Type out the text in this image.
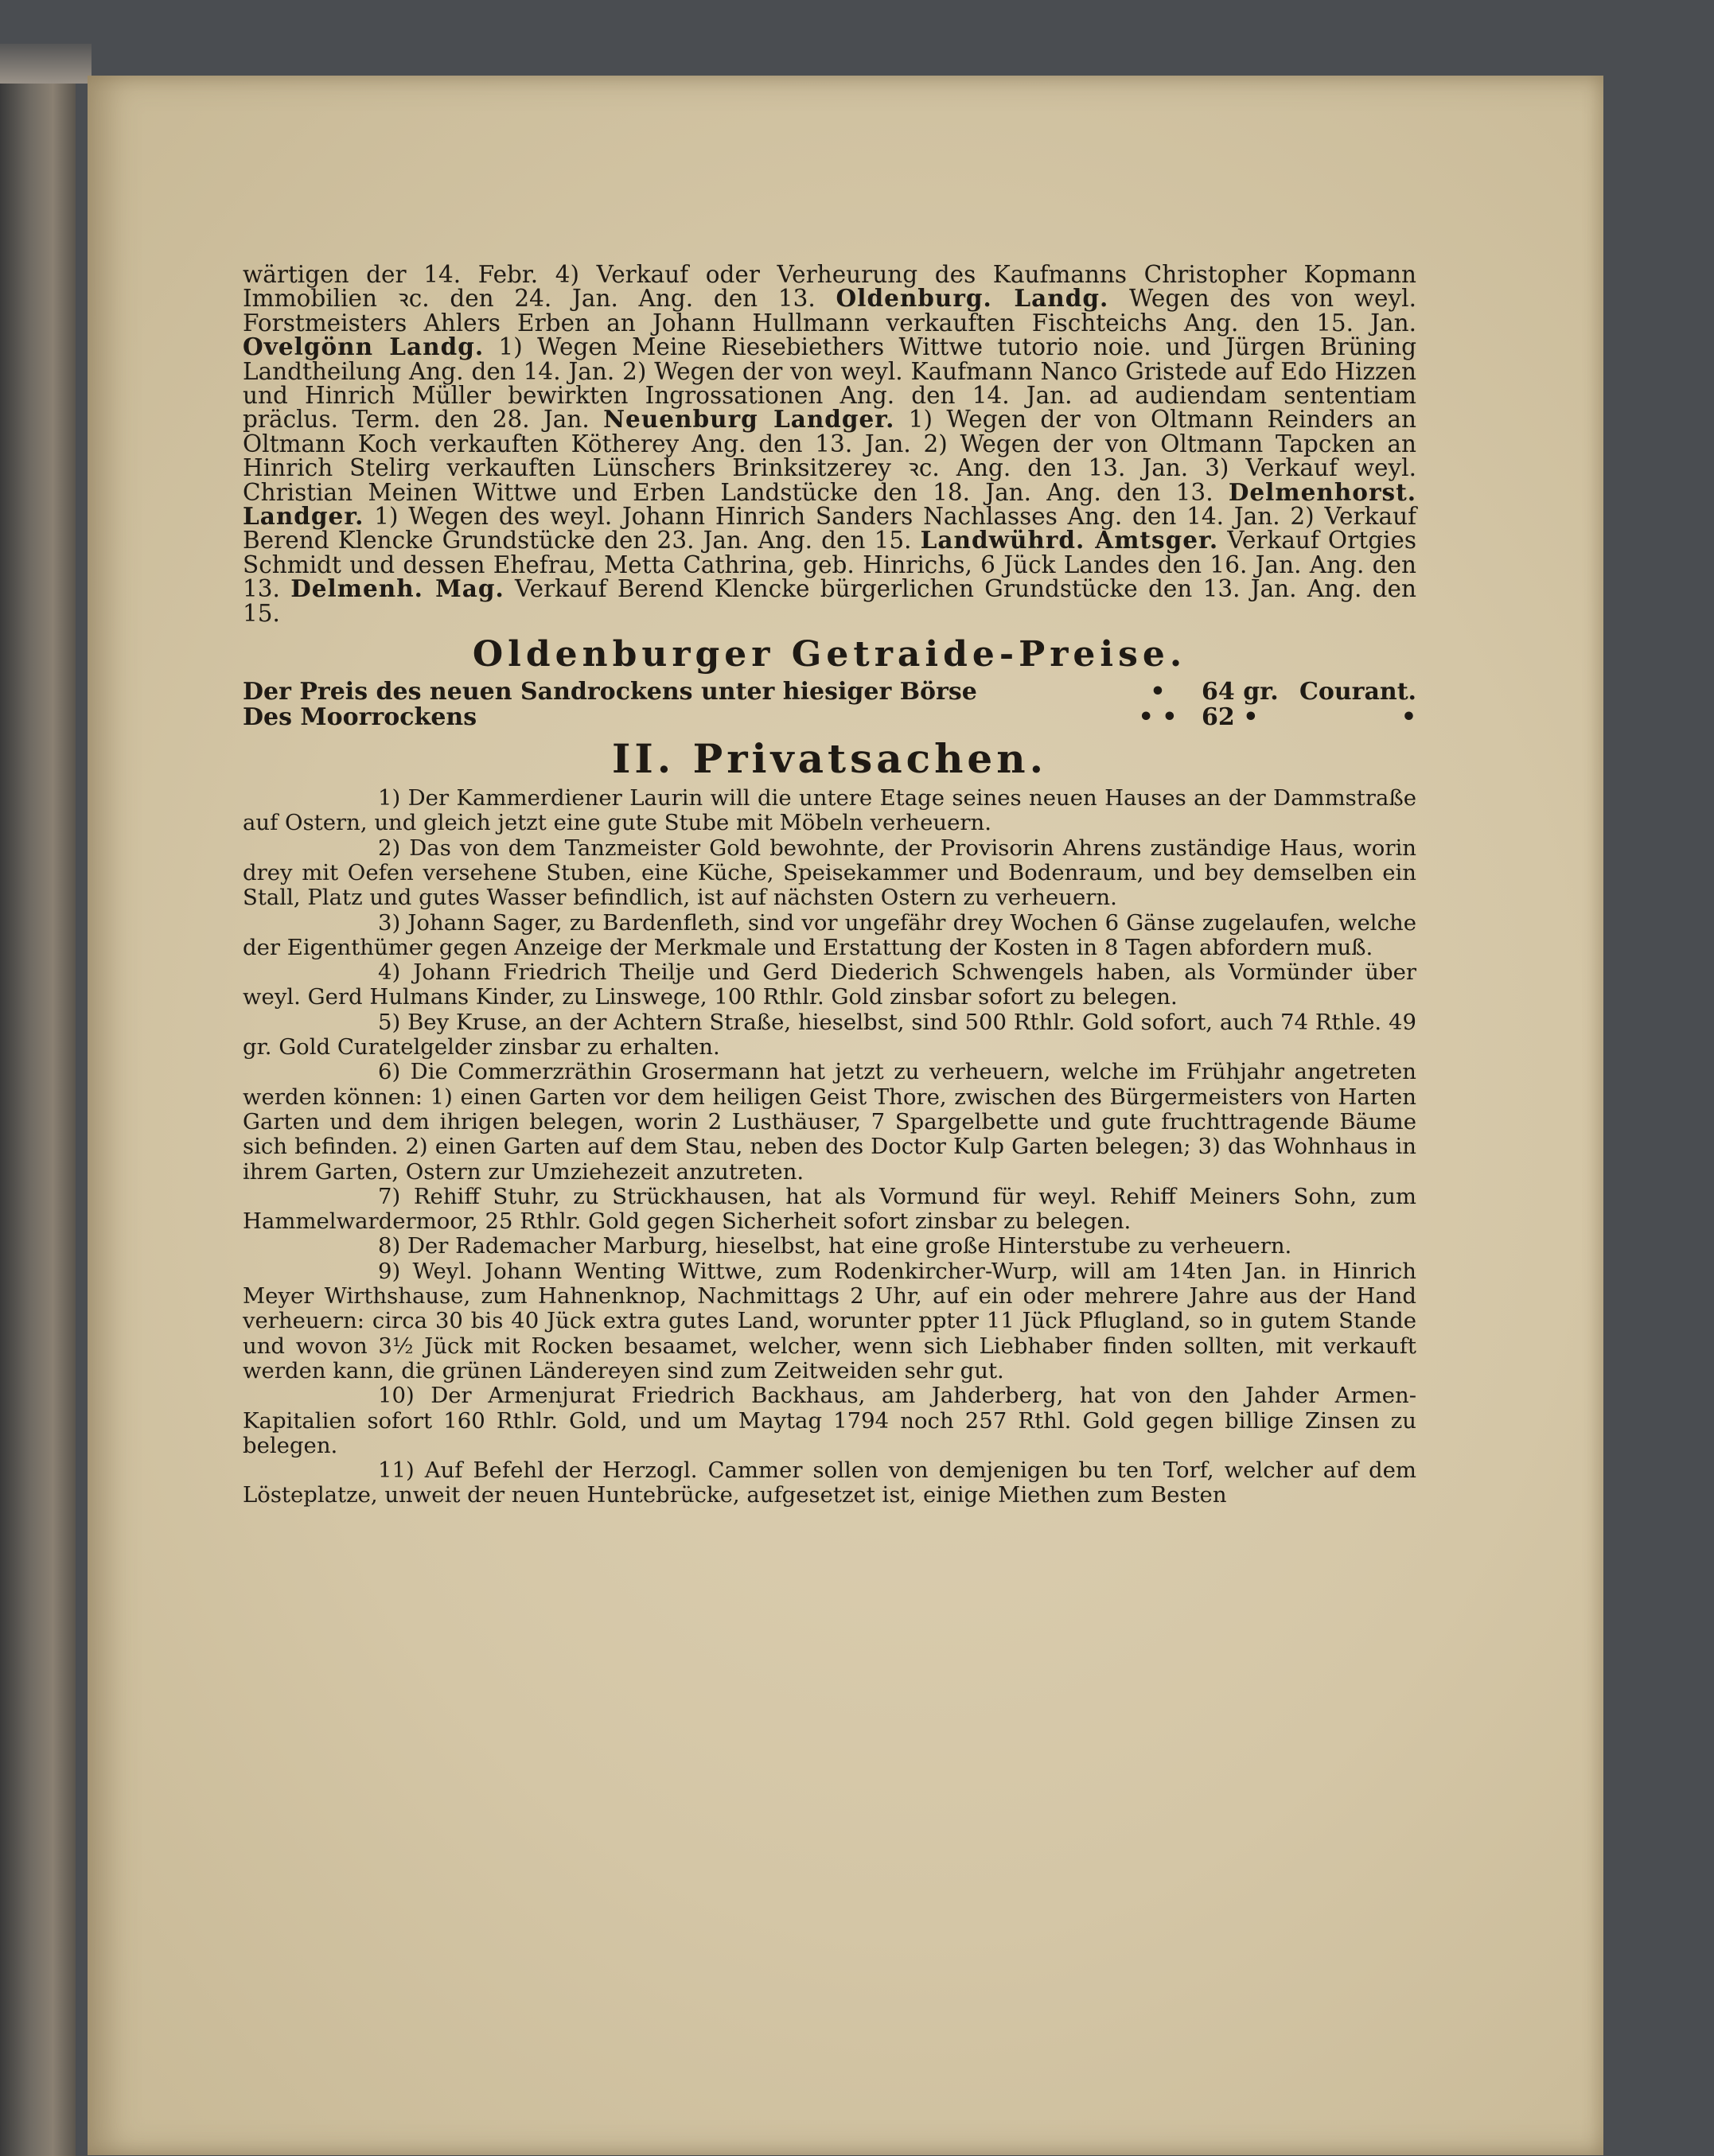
wärtigen der 14. Febr. 4) Verkauf oder Verheurung des Kaufmanns Christopher Kopmann Immobilien ꝛc. den 24. Jan. Ang. den 13. Oldenburg. Landg. Wegen des von weyl. Forstmeisters Ahlers Erben an Johann Hullmann verkauften Fischteichs Ang. den 15. Jan. Ovelgönn Landg. 1) Wegen Meine Riesebiethers Wittwe tutorio noie. und Jürgen Brüning Landtheilung Ang. den 14. Jan. 2) Wegen der von weyl. Kaufmann Nanco Gristede auf Edo Hizzen und Hinrich Müller bewirkten Ingrossationen Ang. den 14. Jan. ad audiendam sententiam präclus. Term. den 28. Jan. Neuenburg Landger. 1) Wegen der von Oltmann Reinders an Oltmann Koch verkauften Kötherey Ang. den 13. Jan. 2) Wegen der von Oltmann Tapcken an Hinrich Stelirg verkauften Lünschers Brinksitzerey ꝛc. Ang. den 13. Jan. 3) Verkauf weyl. Christian Meinen Wittwe und Erben Landstücke den 18. Jan. Ang. den 13. Delmenhorst. Landger. 1) Wegen des weyl. Johann Hinrich Sanders Nachlasses Ang. den 14. Jan. 2) Verkauf Berend Klencke Grundstücke den 23. Jan. Ang. den 15. Landwührd. Amtsger. Verkauf Ortgies Schmidt und dessen Ehefrau, Metta Cathrina, geb. Hinrichs, 6 Jück Landes den 16. Jan. Ang. den 13. Delmenh. Mag. Verkauf Berend Klencke bürgerlichen Grundstücke den 13. Jan. Ang. den 15.

Oldenburger Getraide-Preise.
Der Preis des neuen Sandrockens unter hiesiger Börse	•	64 gr. Courant.
Des Moorrockens	• •	62 •	•
II. Privatsachen.

1) Der Kammerdiener Laurin will die untere Etage seines neuen Hauses an der Dammstraße auf Ostern, und gleich jetzt eine gute Stube mit Möbeln verheuern.

2) Das von dem Tanzmeister Gold bewohnte, der Provisorin Ahrens zuständige Haus, worin drey mit Oefen versehene Stuben, eine Küche, Speisekammer und Bodenraum, und bey demselben ein Stall, Platz und gutes Wasser befindlich, ist auf nächsten Ostern zu verheuern.

3) Johann Sager, zu Bardenfleth, sind vor ungefähr drey Wochen 6 Gänse zugelaufen, welche der Eigenthümer gegen Anzeige der Merkmale und Erstattung der Kosten in 8 Tagen abfordern muß.

4) Johann Friedrich Theilje und Gerd Diederich Schwengels haben, als Vormünder über weyl. Gerd Hulmans Kinder, zu Linswege, 100 Rthlr. Gold zinsbar sofort zu belegen.

5) Bey Kruse, an der Achtern Straße, hieselbst, sind 500 Rthlr. Gold sofort, auch 74 Rthle. 49 gr. Gold Curatelgelder zinsbar zu erhalten.

6) Die Commerzräthin Grosermann hat jetzt zu verheuern, welche im Frühjahr angetreten werden können: 1) einen Garten vor dem heiligen Geist Thore, zwischen des Bürgermeisters von Harten Garten und dem ihrigen belegen, worin 2 Lusthäuser, 7 Spargelbette und gute fruchttragende Bäume sich befinden. 2) einen Garten auf dem Stau, neben des Doctor Kulp Garten belegen; 3) das Wohnhaus in ihrem Garten, Ostern zur Umziehezeit anzutreten.

7) Rehiff Stuhr, zu Strückhausen, hat als Vormund für weyl. Rehiff Meiners Sohn, zum Hammelwardermoor, 25 Rthlr. Gold gegen Sicherheit sofort zinsbar zu belegen.

8) Der Rademacher Marburg, hieselbst, hat eine große Hinterstube zu verheuern.

9) Weyl. Johann Wenting Wittwe, zum Rodenkircher-Wurp, will am 14ten Jan. in Hinrich Meyer Wirthshause, zum Hahnenknop, Nachmittags 2 Uhr, auf ein oder mehrere Jahre aus der Hand verheuern: circa 30 bis 40 Jück extra gutes Land, worunter ppter 11 Jück Pflugland, so in gutem Stande und wovon 3½ Jück mit Rocken besaamet, welcher, wenn sich Liebhaber finden sollten, mit verkauft werden kann, die grünen Ländereyen sind zum Zeitweiden sehr gut.

10) Der Armenjurat Friedrich Backhaus, am Jahderberg, hat von den Jahder Armen-Kapitalien sofort 160 Rthlr. Gold, und um Maytag 1794 noch 257 Rthl. Gold gegen billige Zinsen zu belegen.

11) Auf Befehl der Herzogl. Cammer sollen von demjenigen bu ten Torf, welcher auf dem Lösteplatze, unweit der neuen Huntebrücke, aufgesetzet ist, einige Miethen zum Besten
